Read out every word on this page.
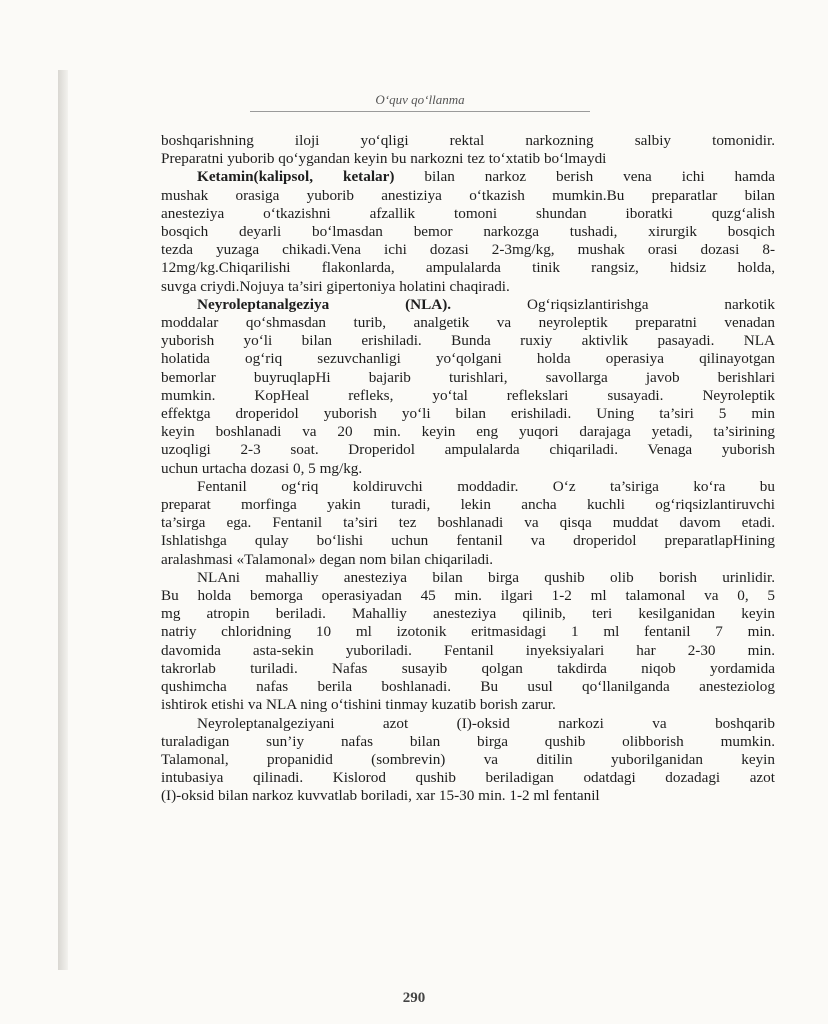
O‘quv qo‘llanma
boshqarishning iloji yo‘qligi rektal narkozning salbiy tomonidir.
Preparatni yuborib qo‘ygandan keyin bu narkozni tez to‘xtatib bo‘lmaydi
Ketamin(kalipsol, ketalar) bilan narkoz berish vena ichi hamda
mushak orasiga yuborib anestiziya o‘tkazish mumkin.Bu preparatlar bilan
anesteziya o‘tkazishni afzallik tomoni shundan iboratki quzg‘alish
bosqich deyarli bo‘lmasdan bemor narkozga tushadi, xirurgik bosqich
tezda yuzaga chikadi.Vena ichi dozasi 2-3mg/kg, mushak orasi dozasi 8-
12mg/kg.Chiqarilishi flakonlarda, ampulalarda tinik rangsiz, hidsiz holda,
suvga criydi.Nojuya ta’siri gipertoniya holatini chaqiradi.
Neyroleptanalgeziya (NLA). Og‘riqsizlantirishga narkotik
moddalar qo‘shmasdan turib, analgetik va neyroleptik preparatni venadan
yuborish yo‘li bilan erishiladi. Bunda ruxiy aktivlik pasayadi. NLA
holatida og‘riq sezuvchanligi yo‘qolgani holda operasiya qilinayotgan
bemorlar buyruqlapHi bajarib turishlari, savollarga javob berishlari
mumkin. KopHeal refleks, yo‘tal reflekslari susayadi. Neyroleptik
effektga droperidol yuborish yo‘li bilan erishiladi. Uning ta’siri 5 min
keyin boshlanadi va 20 min. keyin eng yuqori darajaga yetadi, ta’sirining
uzoqligi 2-3 soat. Droperidol ampulalarda chiqariladi. Venaga yuborish
uchun urtacha dozasi 0, 5 mg/kg.
Fentanil og‘riq koldiruvchi moddadir. O‘z ta’siriga ko‘ra bu
preparat morfinga yakin turadi, lekin ancha kuchli og‘riqsizlantiruvchi
ta’sirga ega. Fentanil ta’siri tez boshlanadi va qisqa muddat davom etadi.
Ishlatishga qulay bo‘lishi uchun fentanil va droperidol preparatlapHining
aralashmasi «Talamonal» degan nom bilan chiqariladi.
NLAni mahalliy anesteziya bilan birga qushib olib borish urinlidir.
Bu holda bemorga operasiyadan 45 min. ilgari 1-2 ml talamonal va 0, 5
mg atropin beriladi. Mahalliy anesteziya qilinib, teri kesilganidan keyin
natriy chloridning 10 ml izotonik eritmasidagi 1 ml fentanil 7 min.
davomida asta-sekin yuboriladi. Fentanil inyeksiyalari har 2-30 min.
takrorlab turiladi. Nafas susayib qolgan takdirda niqob yordamida
qushimcha nafas berila boshlanadi. Bu usul qo‘llanilganda anesteziolog
ishtirok etishi va NLA ning o‘tishini tinmay kuzatib borish zarur.
Neyroleptanalgeziyani azot (I)-oksid narkozi va boshqarib
turaladigan sun’iy nafas bilan birga qushib olibborish mumkin.
Talamonal, propanidid (sombrevin) va ditilin yuborilganidan keyin
intubasiya qilinadi. Kislorod qushib beriladigan odatdagi dozadagi azot
(I)-oksid bilan narkoz kuvvatlab boriladi, xar 15-30 min. 1-2 ml fentanil
290
